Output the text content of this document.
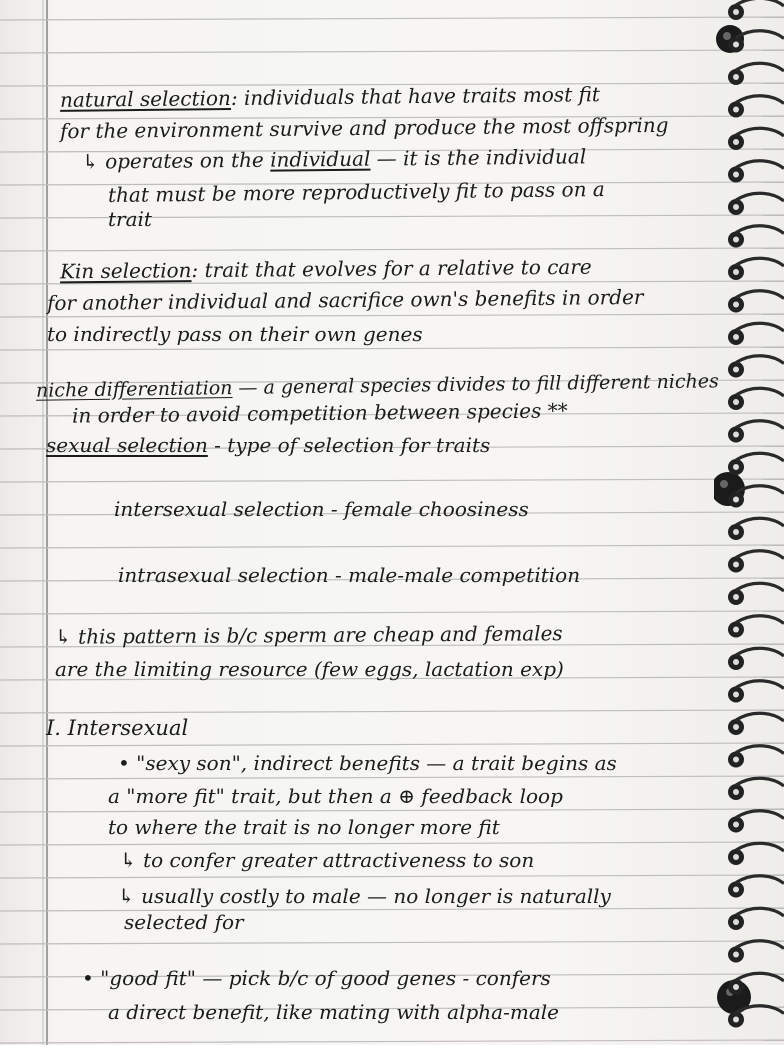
natural selection: individuals that have traits most fit
for the environment survive and produce the most offspring
↳ operates on the individual — it is the individual
that must be more reproductively fit to pass on a
trait
Kin selection: trait that evolves for a relative to care
for another individual and sacrifice own's benefits in order
to indirectly pass on their own genes
niche differentiation — a general species divides to fill different niches
in order to avoid competition between species **
sexual selection - type of selection for traits
intersexual selection - female choosiness
intrasexual selection - male-male competition
↳ this pattern is b/c sperm are cheap and females
are the limiting resource (few eggs, lactation exp)
I. Intersexual
• "sexy son", indirect benefits — a trait begins as
a "more fit" trait, but then a ⊕ feedback loop
to where the trait is no longer more fit
↳ to confer greater attractiveness to son
↳ usually costly to male — no longer is naturally
selected for
• "good fit" — pick b/c of good genes - confers
a direct benefit, like mating with alpha-male
